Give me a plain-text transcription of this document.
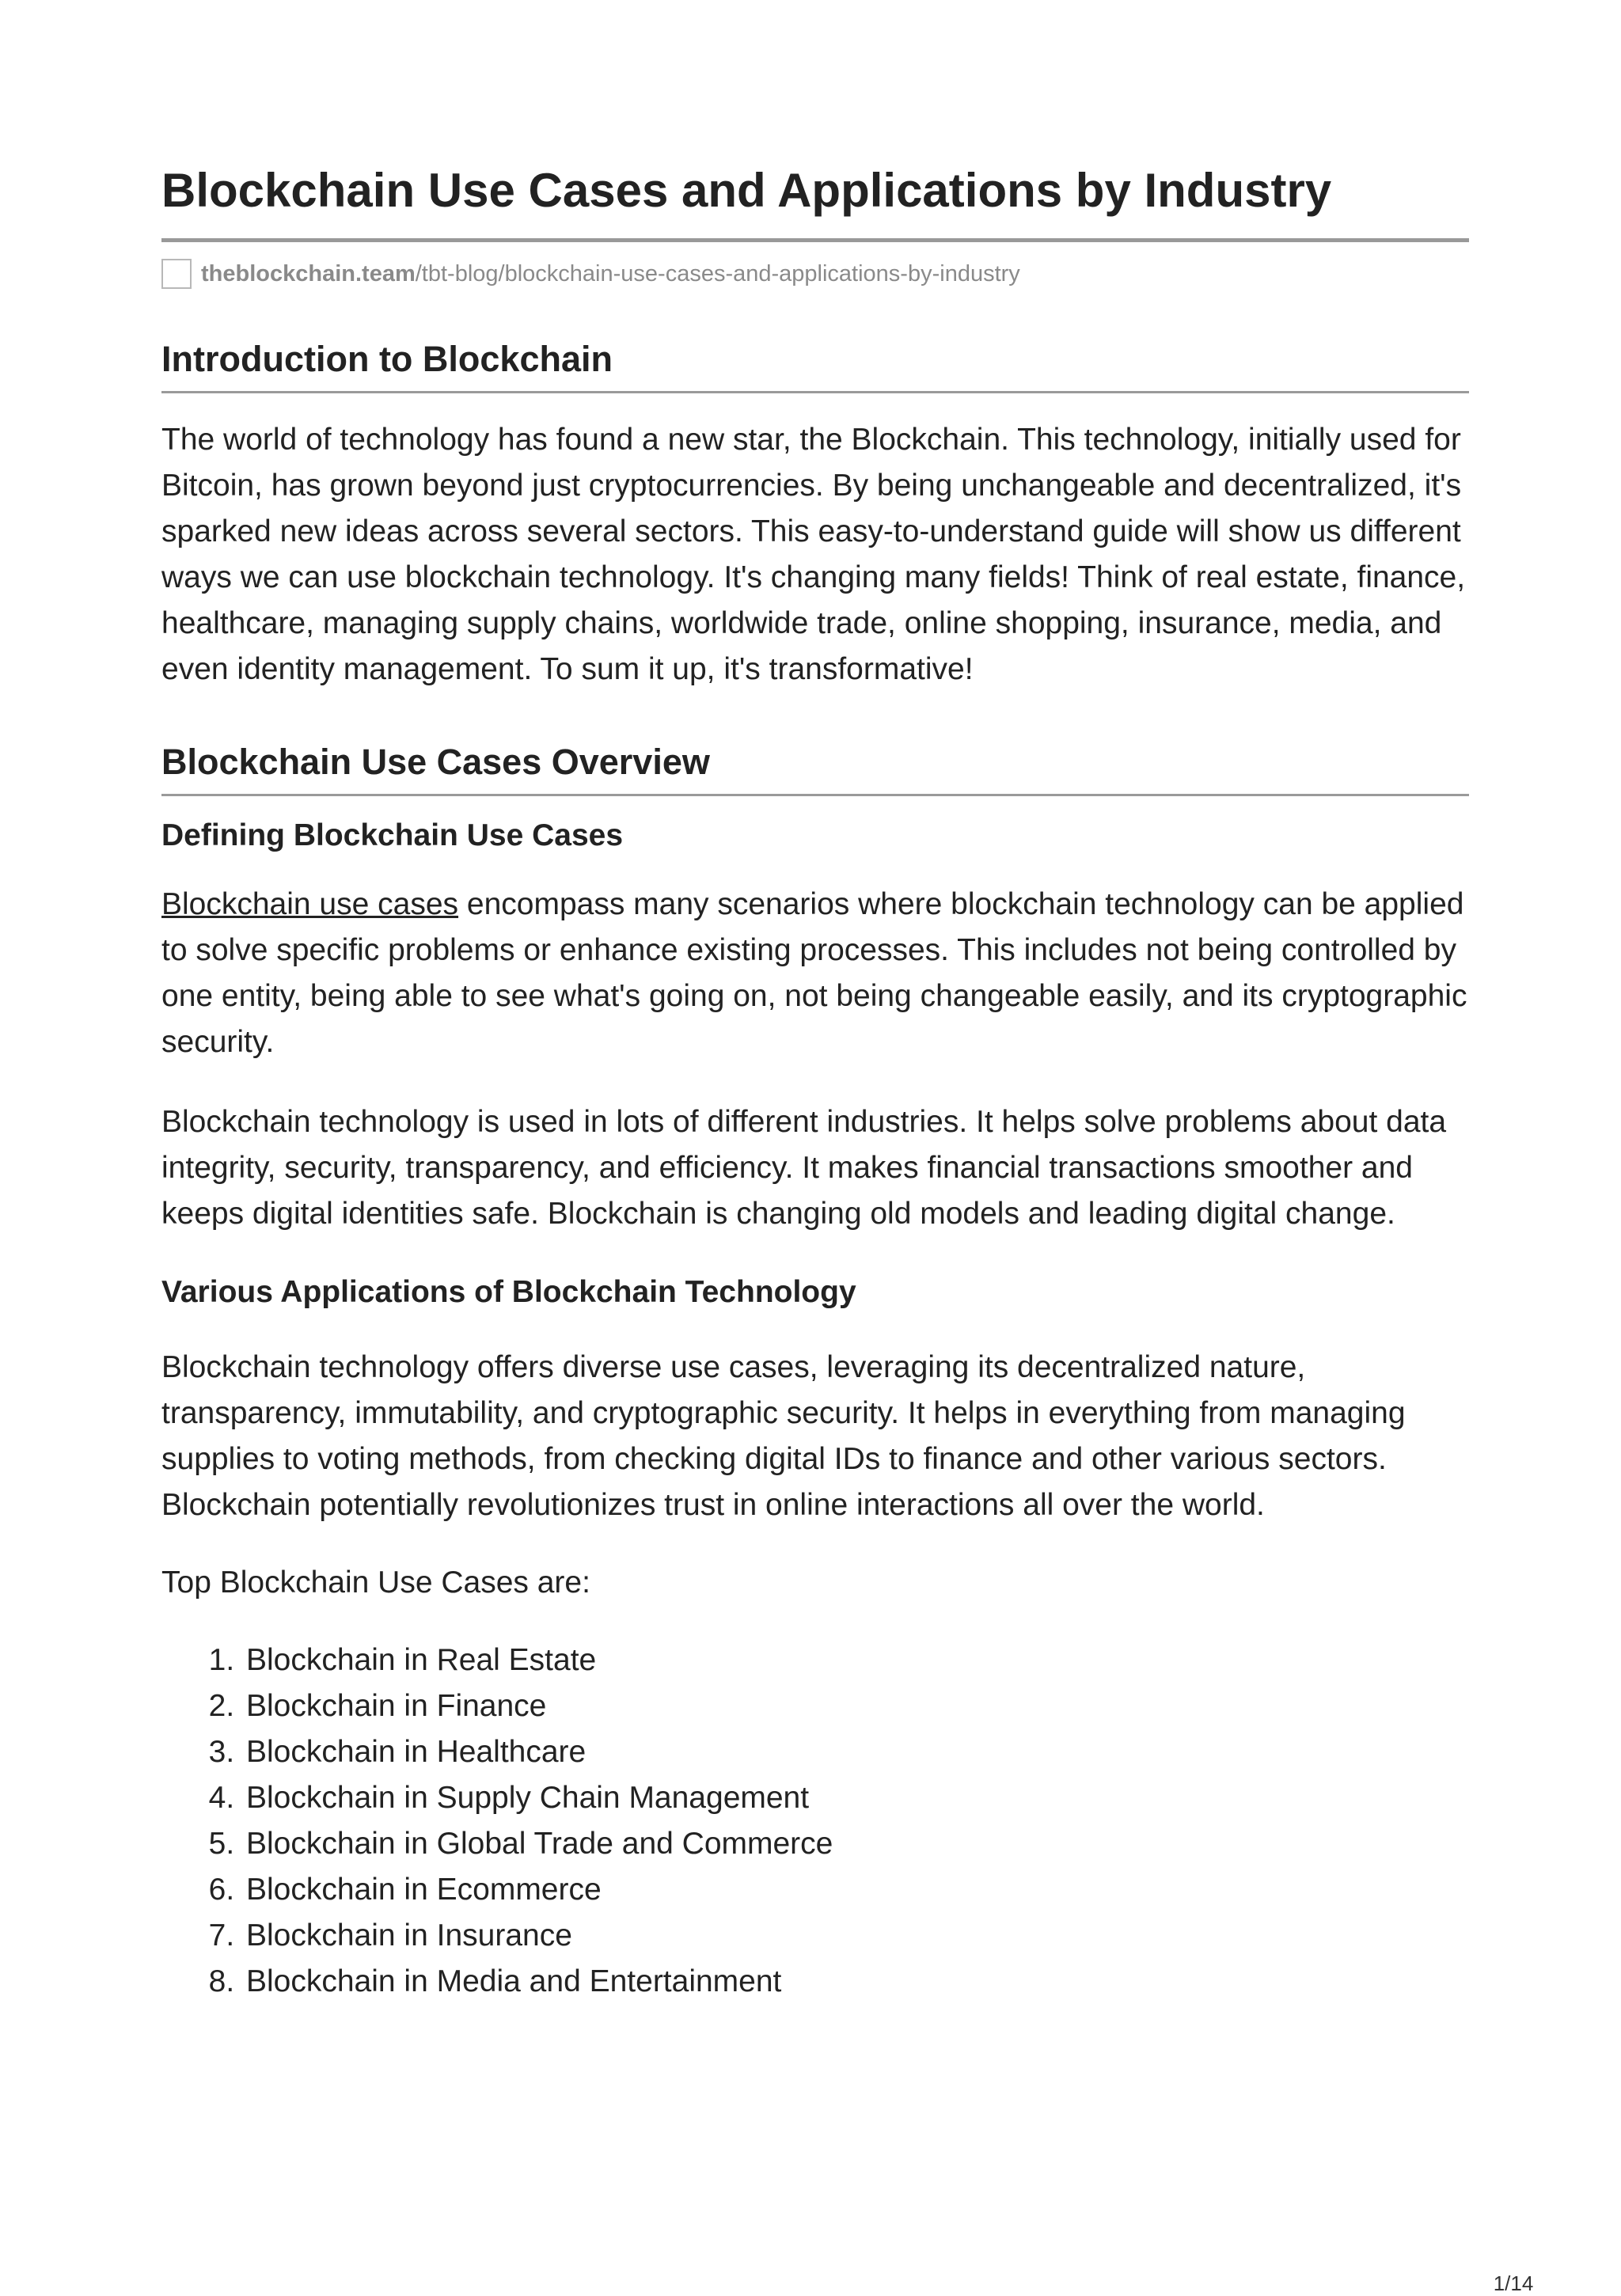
Blockchain Use Cases and Applications by Industry
theblockchain.team /tbt-blog/blockchain-use-cases-and-applications-by-industry
Introduction to Blockchain

The world of technology has found a new star, the Blockchain. This technology, initially used for Bitcoin, has grown beyond just cryptocurrencies. By being unchangeable and decentralized, it's sparked new ideas across several sectors. This easy-to-understand guide will show us different ways we can use blockchain technology. It's changing many fields! Think of real estate, finance, healthcare, managing supply chains, worldwide trade, online shopping, insurance, media, and even identity management. To sum it up, it's transformative!

Blockchain Use Cases Overview
Defining Blockchain Use Cases

Blockchain use cases encompass many scenarios where blockchain technology can be applied to solve specific problems or enhance existing processes. This includes not being controlled by one entity, being able to see what's going on, not being changeable easily, and its cryptographic security.

Blockchain technology is used in lots of different industries. It helps solve problems about data integrity, security, transparency, and efficiency. It makes financial transactions smoother and keeps digital identities safe. Blockchain is changing old models and leading digital change.

Various Applications of Blockchain Technology

Blockchain technology offers diverse use cases, leveraging its decentralized nature, transparency, immutability, and cryptographic security. It helps in everything from managing supplies to voting methods, from checking digital IDs to finance and other various sectors. Blockchain potentially revolutionizes trust in online interactions all over the world.

Top Blockchain Use Cases are:

1. Blockchain in Real Estate
2. Blockchain in Finance
3. Blockchain in Healthcare
4. Blockchain in Supply Chain Management
5. Blockchain in Global Trade and Commerce
6. Blockchain in Ecommerce
7. Blockchain in Insurance
8. Blockchain in Media and Entertainment
1/14
